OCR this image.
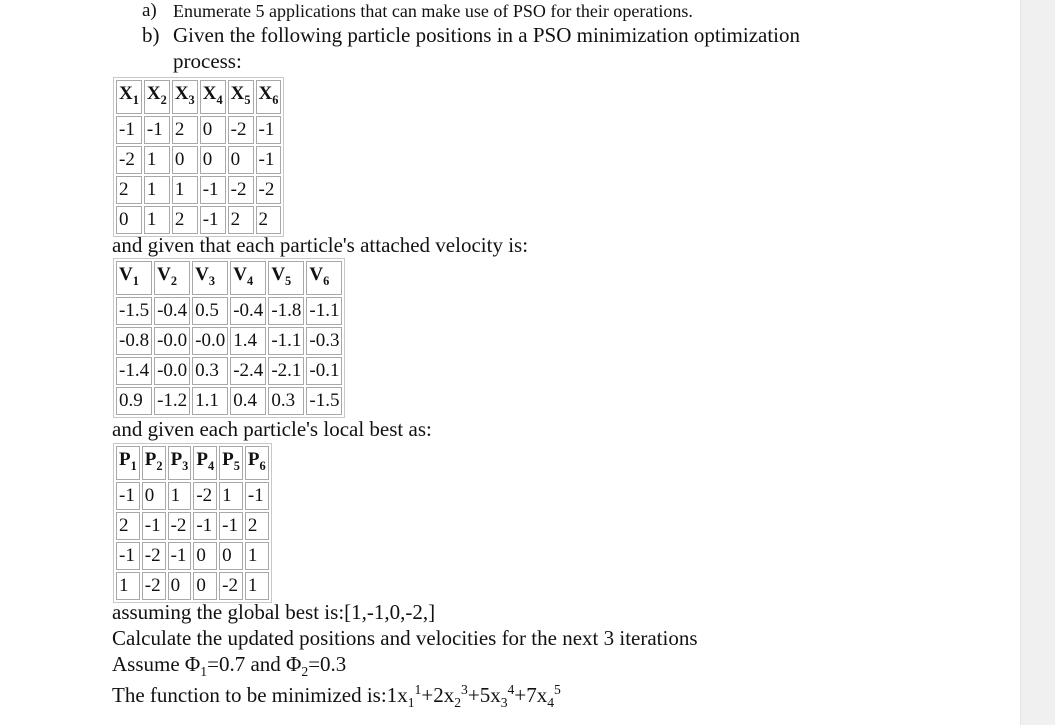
a) Enumerate 5 applications that can make use of PSO for their operations.
b) Given the following particle positions in a PSO minimization optimization
process:
$X_1$	$X_2$	$X_3$	$X_4$	$X_5$	$X_6$
-1	-1	2	0	-2	-1
-2	1	0	0	0	-1
2	1	1	-1	-2	-2
0	1	2	-1	2	2
and given that each particle's attached velocity is:
$V_1$	$V_2$	$V_3$	$V_4$	$V_5$	$V_6$
-1.5	-0.4	0.5	-0.4	-1.8	-1.1
-0.8	-0.0	-0.0	1.4	-1.1	-0.3
-1.4	-0.0	0.3	-2.4	-2.1	-0.1
0.9	-1.2	1.1	0.4	0.3	-1.5
and given each particle's local best as:
$P_1$	$P_2$	$P_3$	$P_4$	$P_5$	$P_6$
-1	0	1	-2	1	-1
2	-1	-2	-1	-1	2
-1	-2	-1	0	0	1
1	-2	0	0	-2	1
assuming the global best is:[1,-1,0,-2,]
Calculate the updated positions and velocities for the next 3 iterations
Assume $\Phi_1=0.7$ and $\Phi_2=0.3$
The function to be minimized $is:1x_1^1+2x_2^3+5x_3^4+7x_4^5$
